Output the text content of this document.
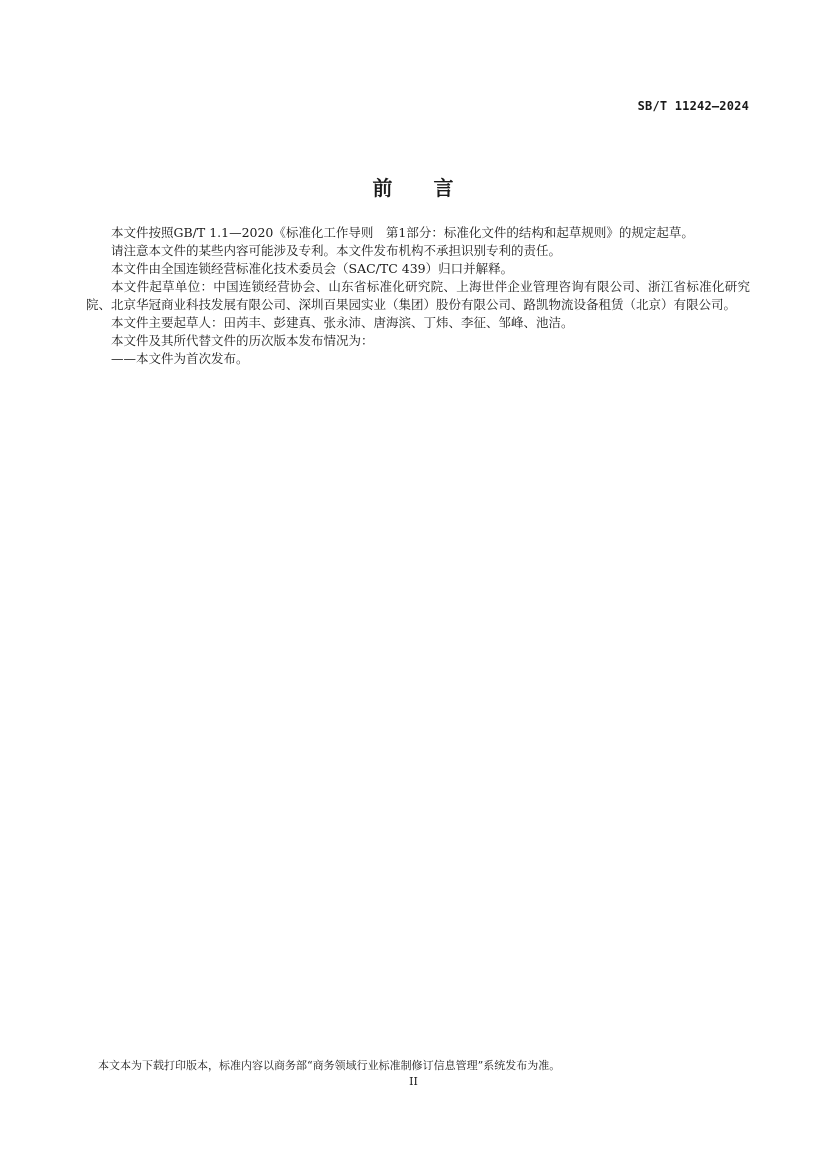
SB/T 11242—2024
前 言

本文件按照GB/T 1.1—2020《标准化工作导则　第1部分：标准化文件的结构和起草规则》的规定起草。

请注意本文件的某些内容可能涉及专利。本文件发布机构不承担识别专利的责任。

本文件由全国连锁经营标准化技术委员会（SAC/TC 439）归口并解释。

本文件起草单位：中国连锁经营协会、山东省标准化研究院、上海世伴企业管理咨询有限公司、浙江省标准化研究院、北京华冠商业科技发展有限公司、深圳百果园实业（集团）股份有限公司、路凯物流设备租赁（北京）有限公司。

本文件主要起草人：田芮丰、彭建真、张永沛、唐海滨、丁炜、李征、邹峰、池洁。

本文件及其所代替文件的历次版本发布情况为：

——本文件为首次发布。

本文本为下载打印版本，标准内容以商务部“商务领域行业标准制修订信息管理”系统发布为准。
II
